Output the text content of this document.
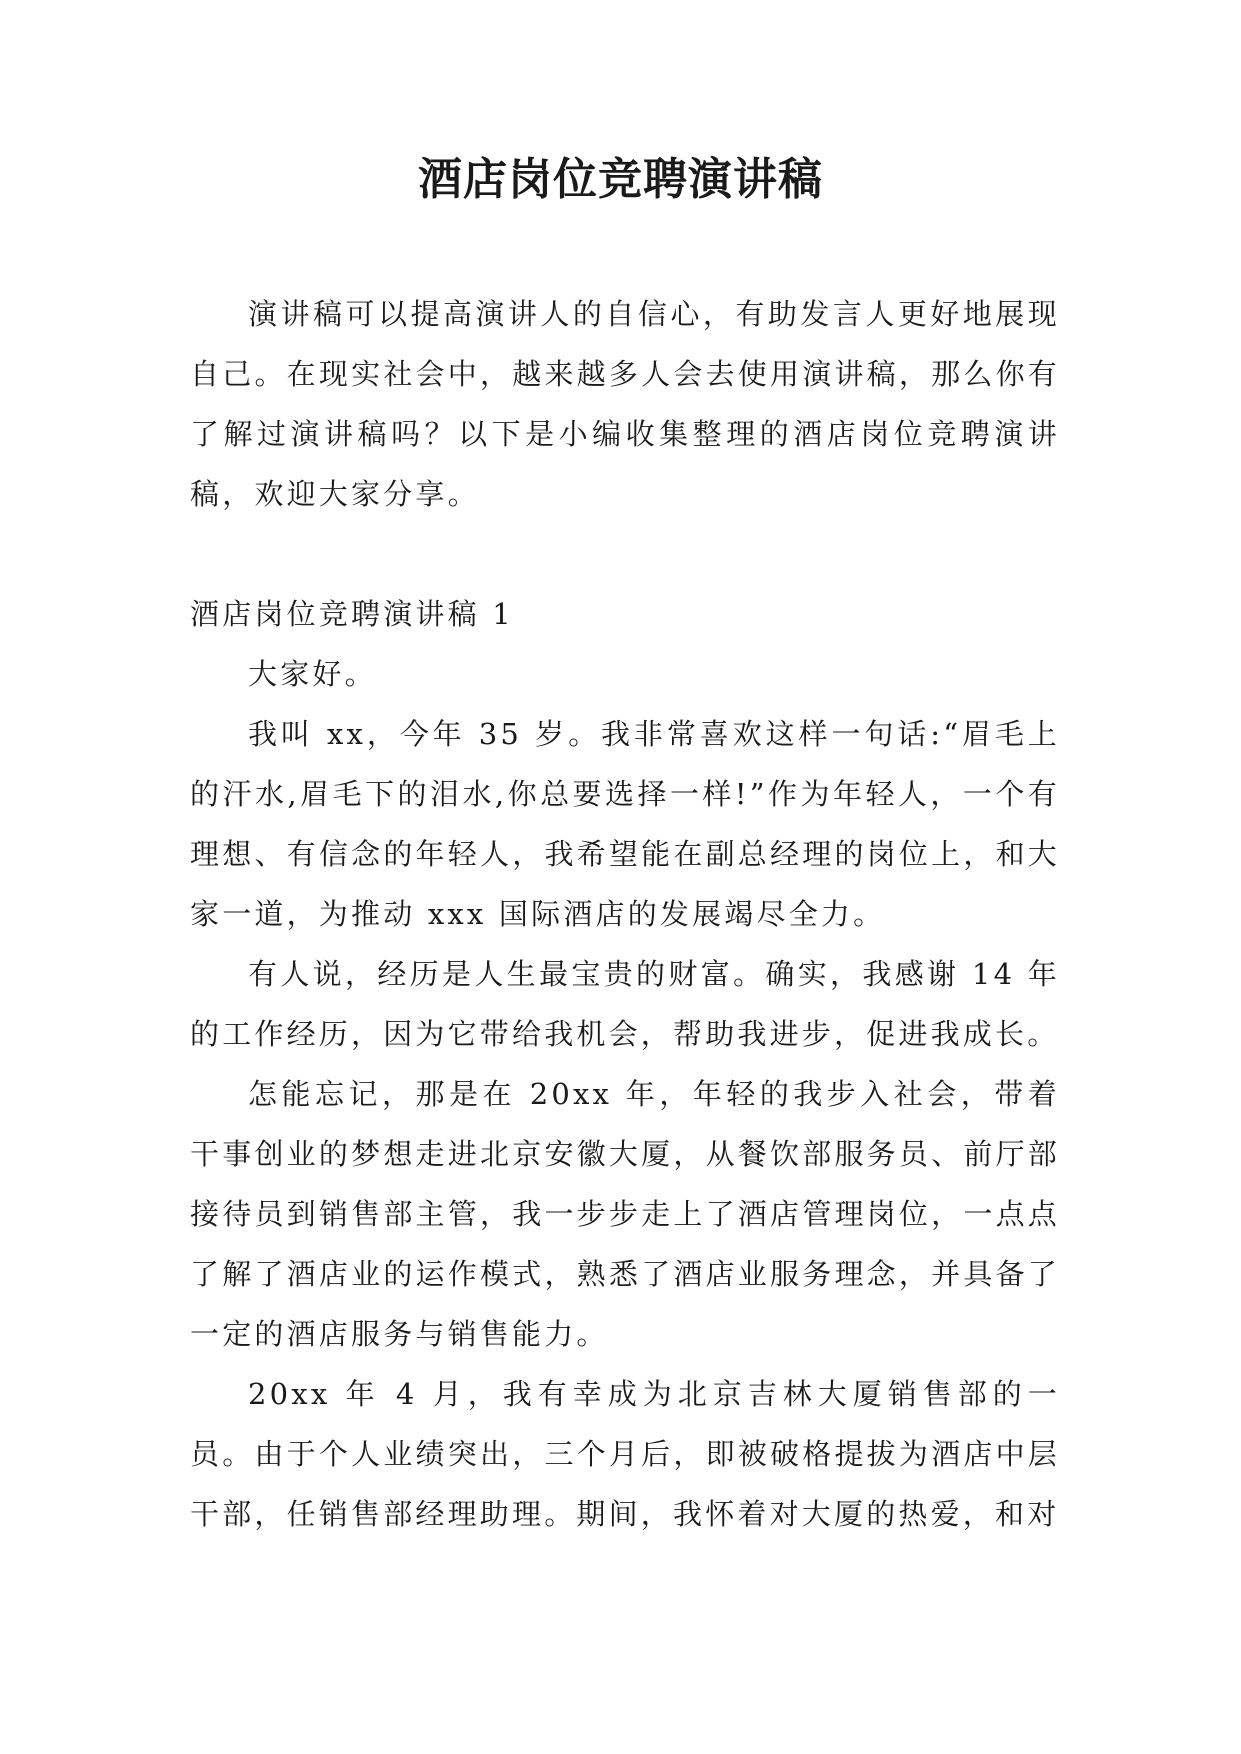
酒店岗位竞聘演讲稿

演讲稿可以提高演讲人的自信心，有助发言人更好地展现自己。在现实社会中，越来越多人会去使用演讲稿，那么你有了解过演讲稿吗？以下是小编收集整理的酒店岗位竞聘演讲稿，欢迎大家分享。

酒店岗位竞聘演讲稿 1

大家好。

我叫 xx，今年 35 岁。我非常喜欢这样一句话:“眉毛上的汗水,眉毛下的泪水,你总要选择一样!”作为年轻人，一个有理想、有信念的年轻人，我希望能在副总经理的岗位上，和大家一道，为推动 xxx 国际酒店的发展竭尽全力。

有人说，经历是人生最宝贵的财富。确实，我感谢 14 年的工作经历，因为它带给我机会，帮助我进步，促进我成长。

怎能忘记，那是在 20xx 年，年轻的我步入社会，带着干事创业的梦想走进北京安徽大厦，从餐饮部服务员、前厅部接待员到销售部主管，我一步步走上了酒店管理岗位，一点点了解了酒店业的运作模式，熟悉了酒店业服务理念，并具备了一定的酒店服务与销售能力。

20xx 年 4 月，我有幸成为北京吉林大厦销售部的一员。由于个人业绩突出，三个月后，即被破格提拔为酒店中层干部，任销售部经理助理。期间，我怀着对大厦的热爱，和对
